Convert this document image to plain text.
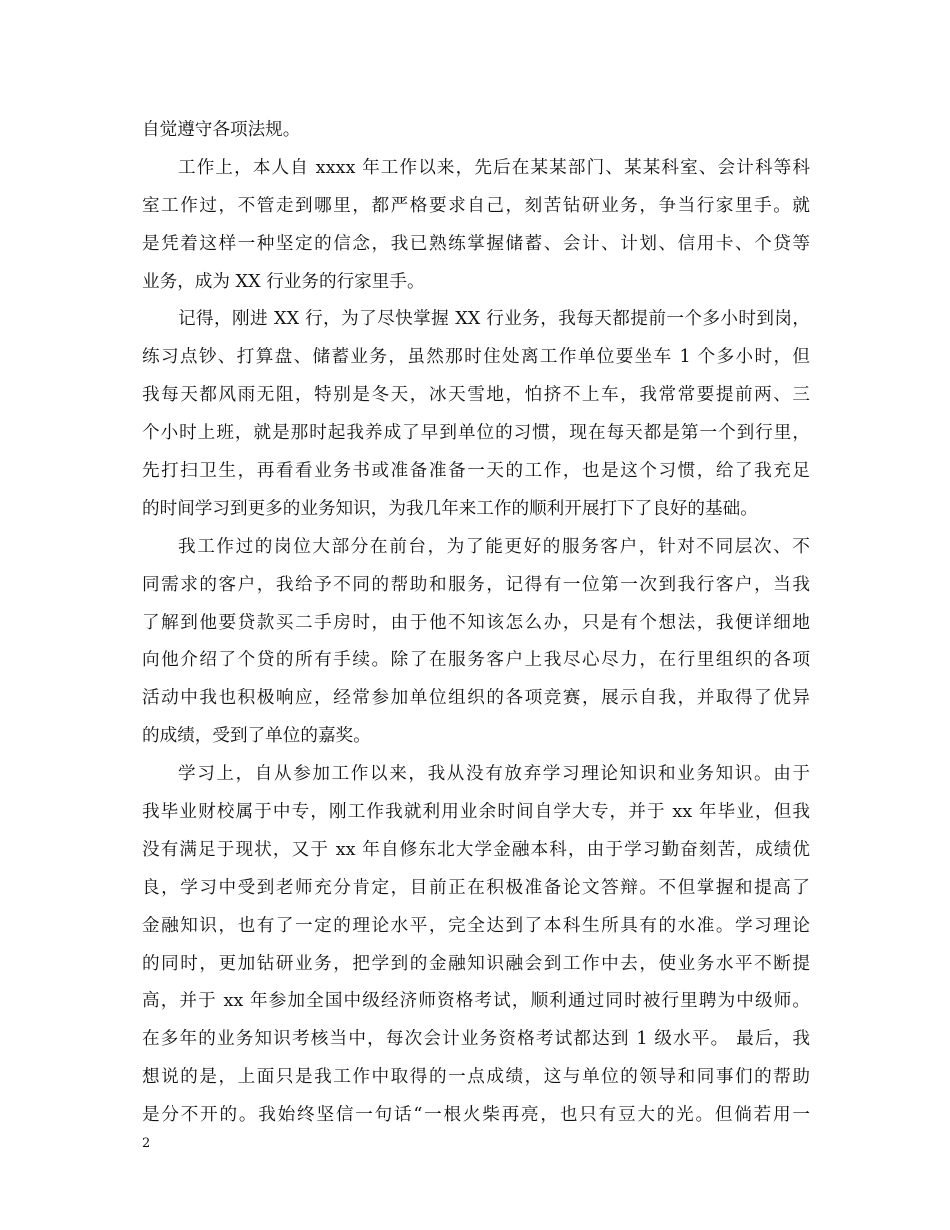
自觉遵守各项法规。
工作上，本人自 xxxx 年工作以来，先后在某某部门、某某科室、会计科等科
室工作过，不管走到哪里，都严格要求自己，刻苦钻研业务，争当行家里手。就
是凭着这样一种坚定的信念，我已熟练掌握储蓄、会计、计划、信用卡、个贷等
业务，成为 XX 行业务的行家里手。
记得，刚进 XX 行，为了尽快掌握 XX 行业务，我每天都提前一个多小时到岗，
练习点钞、打算盘、储蓄业务，虽然那时住处离工作单位要坐车 1 个多小时，但
我每天都风雨无阻，特别是冬天，冰天雪地，怕挤不上车，我常常要提前两、三
个小时上班，就是那时起我养成了早到单位的习惯，现在每天都是第一个到行里，
先打扫卫生，再看看业务书或准备准备一天的工作，也是这个习惯，给了我充足
的时间学习到更多的业务知识，为我几年来工作的顺利开展打下了良好的基础。
我工作过的岗位大部分在前台，为了能更好的服务客户，针对不同层次、不
同需求的客户，我给予不同的帮助和服务，记得有一位第一次到我行客户，当我
了解到他要贷款买二手房时，由于他不知该怎么办，只是有个想法，我便详细地
向他介绍了个贷的所有手续。除了在服务客户上我尽心尽力，在行里组织的各项
活动中我也积极响应，经常参加单位组织的各项竞赛，展示自我，并取得了优异
的成绩，受到了单位的嘉奖。
学习上，自从参加工作以来，我从没有放弃学习理论知识和业务知识。由于
我毕业财校属于中专，刚工作我就利用业余时间自学大专，并于 xx 年毕业，但我
没有满足于现状，又于 xx 年自修东北大学金融本科，由于学习勤奋刻苦，成绩优
良，学习中受到老师充分肯定，目前正在积极准备论文答辩。不但掌握和提高了
金融知识，也有了一定的理论水平，完全达到了本科生所具有的水准。学习理论
的同时，更加钻研业务，把学到的金融知识融会到工作中去，使业务水平不断提
高，并于 xx 年参加全国中级经济师资格考试，顺利通过同时被行里聘为中级师。
在多年的业务知识考核当中，每次会计业务资格考试都达到 1 级水平。 最后，我
想说的是，上面只是我工作中取得的一点成绩，这与单位的领导和同事们的帮助
是分不开的。我始终坚信一句话“一根火柴再亮，也只有豆大的光。但倘若用一
2
